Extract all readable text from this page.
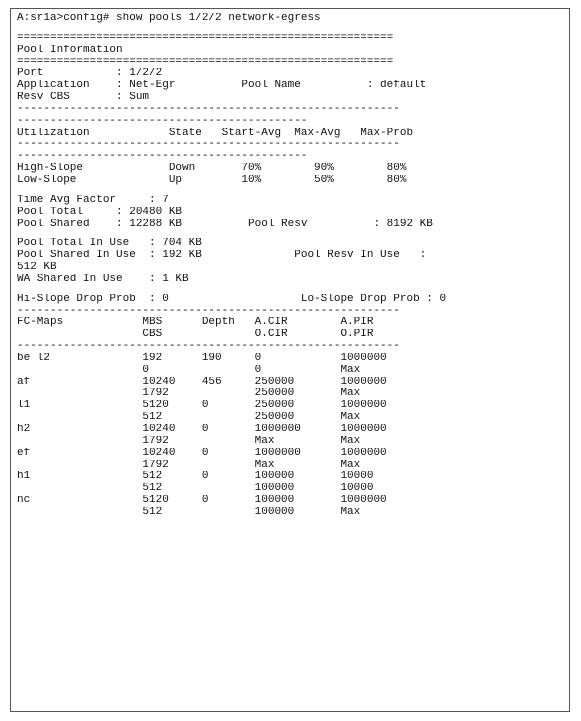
A:sr1a>config# show pools 1/2/2 network-egress
=========================================================
Pool Information
=========================================================
Port           : 1/2/2
Application    : Net-Egr          Pool Name          : default
Resv CBS       : Sum
----------------------------------------------------------
--------------------------------------------
Utilization            State   Start-Avg  Max-Avg   Max-Prob
----------------------------------------------------------
--------------------------------------------
High-Slope             Down       70%        90%        80%
Low-Slope              Up         10%        50%        80%
Time Avg Factor     : 7
Pool Total     : 20480 KB
Pool Shared    : 12288 KB          Pool Resv          : 8192 KB
Pool Total In Use   : 704 KB
Pool Shared In Use  : 192 KB              Pool Resv In Use   :
512 KB
WA Shared In Use    : 1 KB
Hi-Slope Drop Prob  : 0                    Lo-Slope Drop Prob : 0
----------------------------------------------------------
FC-Maps            MBS      Depth   A.CIR        A.PIR
CBS              O.CIR        O.PIR
----------------------------------------------------------
be l2              192      190     0            1000000
0                0            Max
af                 10240    456     250000       1000000
1792             250000       Max
l1                 5120     0       250000       1000000
512              250000       Max
h2                 10240    0       1000000      1000000
1792             Max          Max
ef                 10240    0       1000000      1000000
1792             Max          Max
h1                 512      0       100000       10000
512              100000       10000
nc                 5120     0       100000       1000000
512              100000       Max
